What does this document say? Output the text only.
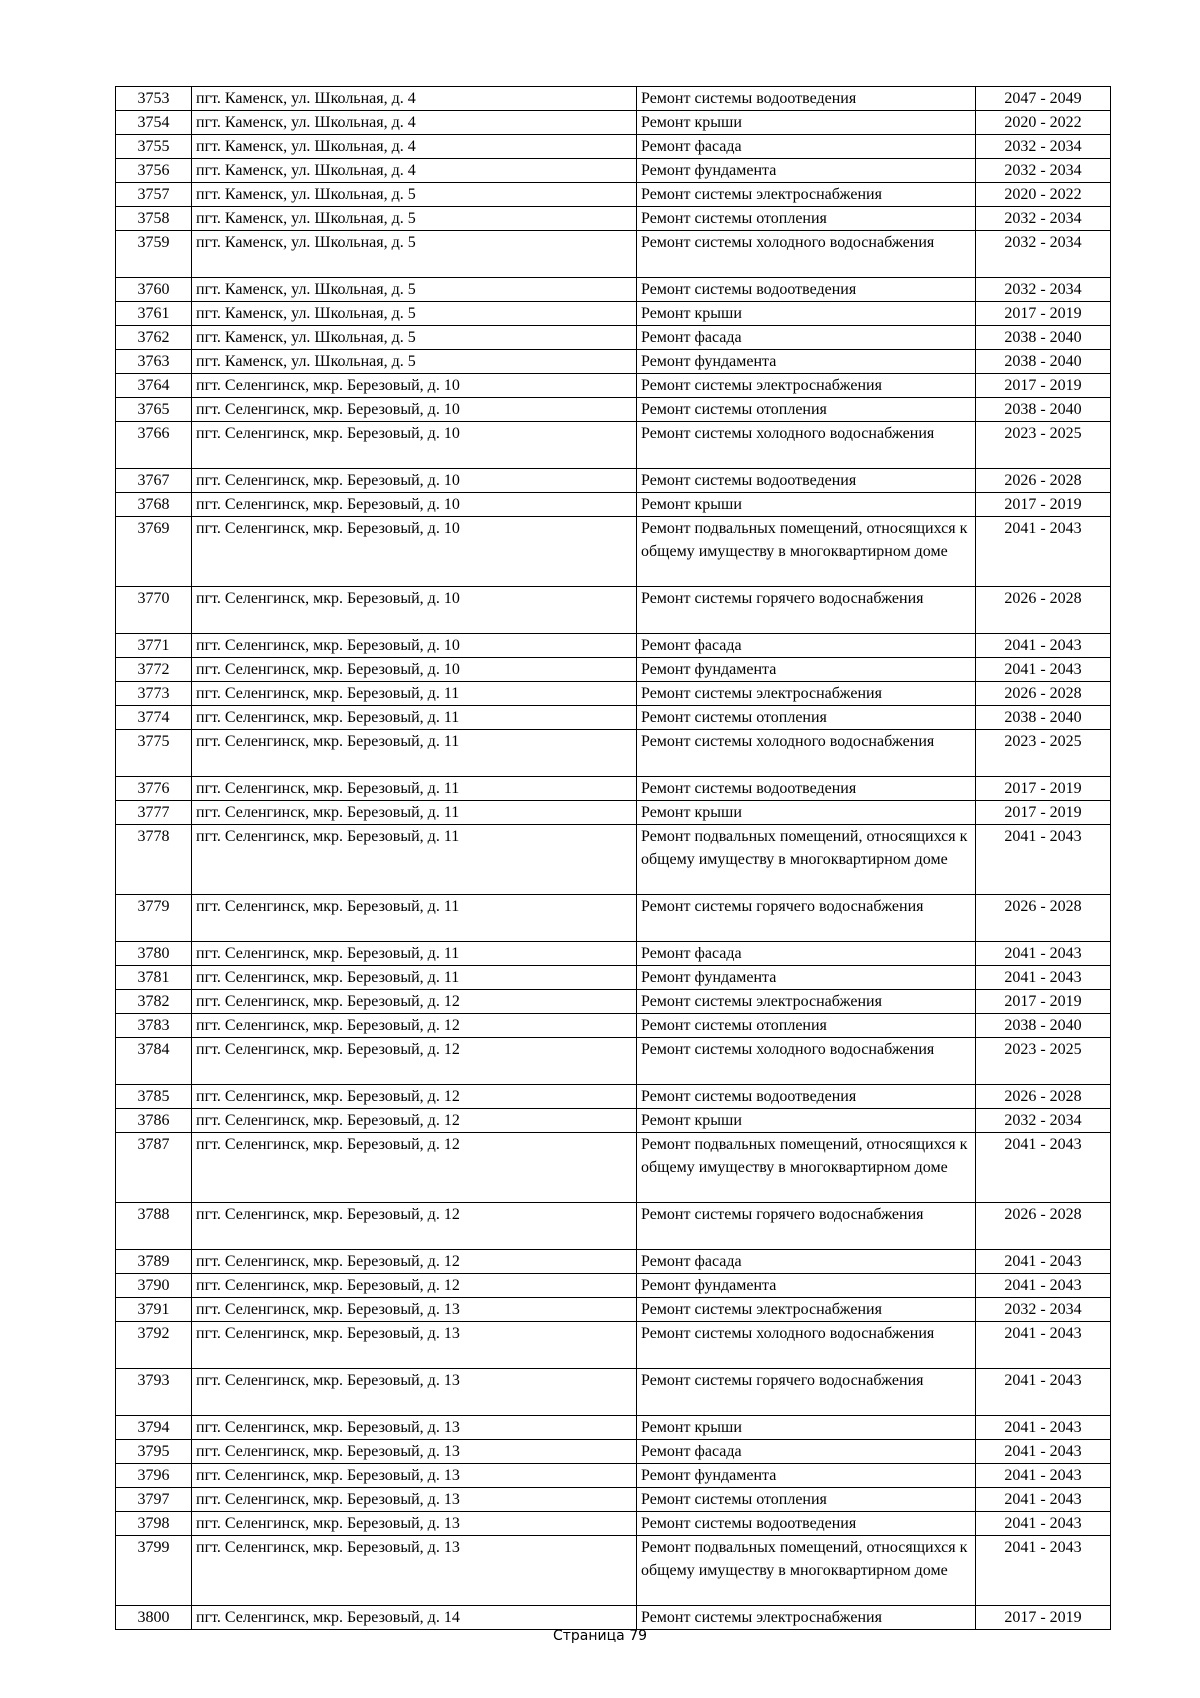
3753	пгт. Каменск, ул. Школьная, д. 4	Ремонт системы водоотведения	2047 - 2049
3754	пгт. Каменск, ул. Школьная, д. 4	Ремонт крыши	2020 - 2022
3755	пгт. Каменск, ул. Школьная, д. 4	Ремонт фасада	2032 - 2034
3756	пгт. Каменск, ул. Школьная, д. 4	Ремонт фундамента	2032 - 2034
3757	пгт. Каменск, ул. Школьная, д. 5	Ремонт системы электроснабжения	2020 - 2022
3758	пгт. Каменск, ул. Школьная, д. 5	Ремонт системы отопления	2032 - 2034
3759	пгт. Каменск, ул. Школьная, д. 5	Ремонт системы холодного водоснабжения	2032 - 2034
3760	пгт. Каменск, ул. Школьная, д. 5	Ремонт системы водоотведения	2032 - 2034
3761	пгт. Каменск, ул. Школьная, д. 5	Ремонт крыши	2017 - 2019
3762	пгт. Каменск, ул. Школьная, д. 5	Ремонт фасада	2038 - 2040
3763	пгт. Каменск, ул. Школьная, д. 5	Ремонт фундамента	2038 - 2040
3764	пгт. Селенгинск, мкр. Березовый, д. 10	Ремонт системы электроснабжения	2017 - 2019
3765	пгт. Селенгинск, мкр. Березовый, д. 10	Ремонт системы отопления	2038 - 2040
3766	пгт. Селенгинск, мкр. Березовый, д. 10	Ремонт системы холодного водоснабжения	2023 - 2025
3767	пгт. Селенгинск, мкр. Березовый, д. 10	Ремонт системы водоотведения	2026 - 2028
3768	пгт. Селенгинск, мкр. Березовый, д. 10	Ремонт крыши	2017 - 2019
3769	пгт. Селенгинск, мкр. Березовый, д. 10	Ремонт подвальных помещений, относящихся к общему имуществу в многоквартирном доме	2041 - 2043
3770	пгт. Селенгинск, мкр. Березовый, д. 10	Ремонт системы горячего водоснабжения	2026 - 2028
3771	пгт. Селенгинск, мкр. Березовый, д. 10	Ремонт фасада	2041 - 2043
3772	пгт. Селенгинск, мкр. Березовый, д. 10	Ремонт фундамента	2041 - 2043
3773	пгт. Селенгинск, мкр. Березовый, д. 11	Ремонт системы электроснабжения	2026 - 2028
3774	пгт. Селенгинск, мкр. Березовый, д. 11	Ремонт системы отопления	2038 - 2040
3775	пгт. Селенгинск, мкр. Березовый, д. 11	Ремонт системы холодного водоснабжения	2023 - 2025
3776	пгт. Селенгинск, мкр. Березовый, д. 11	Ремонт системы водоотведения	2017 - 2019
3777	пгт. Селенгинск, мкр. Березовый, д. 11	Ремонт крыши	2017 - 2019
3778	пгт. Селенгинск, мкр. Березовый, д. 11	Ремонт подвальных помещений, относящихся к общему имуществу в многоквартирном доме	2041 - 2043
3779	пгт. Селенгинск, мкр. Березовый, д. 11	Ремонт системы горячего водоснабжения	2026 - 2028
3780	пгт. Селенгинск, мкр. Березовый, д. 11	Ремонт фасада	2041 - 2043
3781	пгт. Селенгинск, мкр. Березовый, д. 11	Ремонт фундамента	2041 - 2043
3782	пгт. Селенгинск, мкр. Березовый, д. 12	Ремонт системы электроснабжения	2017 - 2019
3783	пгт. Селенгинск, мкр. Березовый, д. 12	Ремонт системы отопления	2038 - 2040
3784	пгт. Селенгинск, мкр. Березовый, д. 12	Ремонт системы холодного водоснабжения	2023 - 2025
3785	пгт. Селенгинск, мкр. Березовый, д. 12	Ремонт системы водоотведения	2026 - 2028
3786	пгт. Селенгинск, мкр. Березовый, д. 12	Ремонт крыши	2032 - 2034
3787	пгт. Селенгинск, мкр. Березовый, д. 12	Ремонт подвальных помещений, относящихся к общему имуществу в многоквартирном доме	2041 - 2043
3788	пгт. Селенгинск, мкр. Березовый, д. 12	Ремонт системы горячего водоснабжения	2026 - 2028
3789	пгт. Селенгинск, мкр. Березовый, д. 12	Ремонт фасада	2041 - 2043
3790	пгт. Селенгинск, мкр. Березовый, д. 12	Ремонт фундамента	2041 - 2043
3791	пгт. Селенгинск, мкр. Березовый, д. 13	Ремонт системы электроснабжения	2032 - 2034
3792	пгт. Селенгинск, мкр. Березовый, д. 13	Ремонт системы холодного водоснабжения	2041 - 2043
3793	пгт. Селенгинск, мкр. Березовый, д. 13	Ремонт системы горячего водоснабжения	2041 - 2043
3794	пгт. Селенгинск, мкр. Березовый, д. 13	Ремонт крыши	2041 - 2043
3795	пгт. Селенгинск, мкр. Березовый, д. 13	Ремонт фасада	2041 - 2043
3796	пгт. Селенгинск, мкр. Березовый, д. 13	Ремонт фундамента	2041 - 2043
3797	пгт. Селенгинск, мкр. Березовый, д. 13	Ремонт системы отопления	2041 - 2043
3798	пгт. Селенгинск, мкр. Березовый, д. 13	Ремонт системы водоотведения	2041 - 2043
3799	пгт. Селенгинск, мкр. Березовый, д. 13	Ремонт подвальных помещений, относящихся к общему имуществу в многоквартирном доме	2041 - 2043
3800	пгт. Селенгинск, мкр. Березовый, д. 14	Ремонт системы электроснабжения	2017 - 2019
Страница 79
